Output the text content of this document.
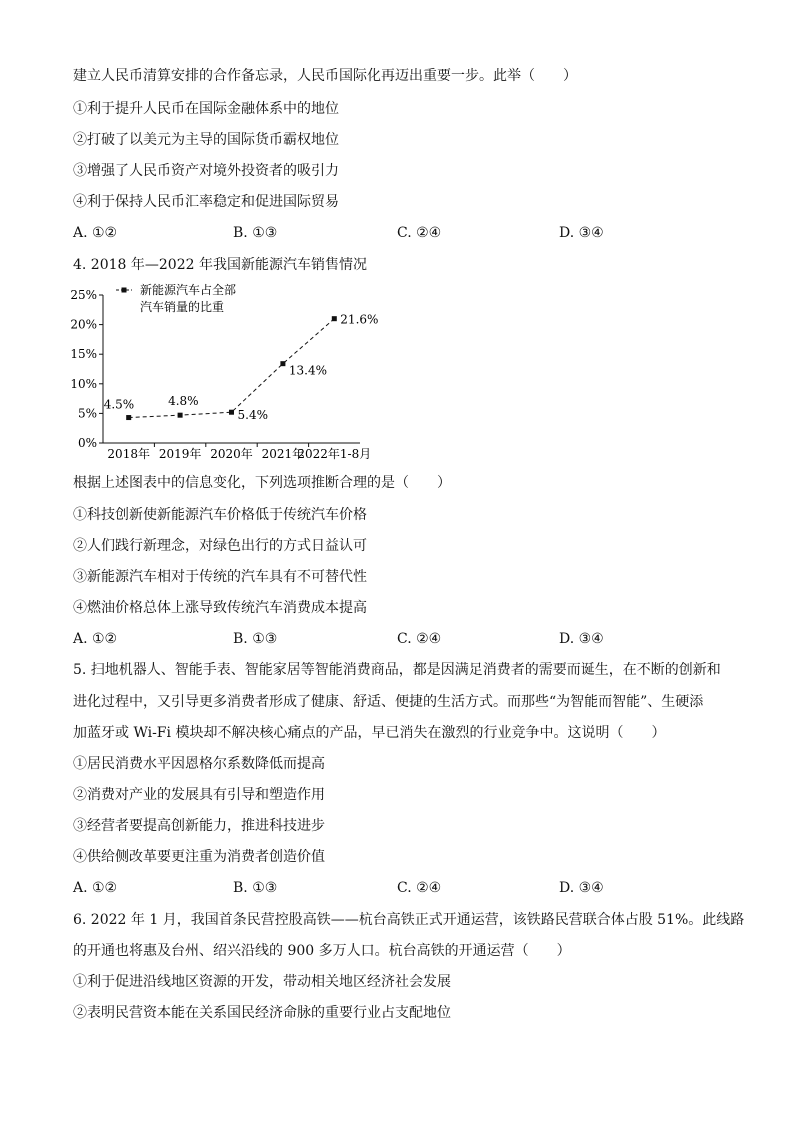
建立人民币清算安排的合作备忘录，人民币国际化再迈出重要一步。此举（　　）
①利于提升人民币在国际金融体系中的地位
②打破了以美元为主导的国际货币霸权地位
③增强了人民币资产对境外投资者的吸引力
④利于保持人民币汇率稳定和促进国际贸易
A. ①②	B. ①③	C. ②④	D. ③④
4. 2018 年—2022 年我国新能源汽车销售情况
0%
5%
10%
15%
20%
25%
2018年 2019年 2020年 2021年
2022年1-8月
4.5%	4.8%
5.4%
13.4%
21.6%
新能源汽车占全部
汽车销量的比重
根据上述图表中的信息变化，下列选项推断合理的是（　　）
①科技创新使新能源汽车价格低于传统汽车价格
②人们践行新理念，对绿色出行的方式日益认可
③新能源汽车相对于传统的汽车具有不可替代性
④燃油价格总体上涨导致传统汽车消费成本提高
A. ①②	B. ①③	C. ②④	D. ③④
5. 扫地机器人、智能手表、智能家居等智能消费商品，都是因满足消费者的需要而诞生，在不断的创新和
进化过程中，又引导更多消费者形成了健康、舒适、便捷的生活方式。而那些“为智能而智能”、生硬添
加蓝牙或 Wi-Fi 模块却不解决核心痛点的产品，早已消失在激烈的行业竞争中。这说明（　　）
①居民消费水平因恩格尔系数降低而提高
②消费对产业的发展具有引导和塑造作用
③经营者要提高创新能力，推进科技进步
④供给侧改革要更注重为消费者创造价值
A. ①②	B. ①③	C. ②④	D. ③④
6. 2022 年 1 月，我国首条民营控股高铁——杭台高铁正式开通运营，该铁路民营联合体占股 51%。此线路
的开通也将惠及台州、绍兴沿线的 900 多万人口。杭台高铁的开通运营（　　）
①利于促进沿线地区资源的开发，带动相关地区经济社会发展
②表明民营资本能在关系国民经济命脉的重要行业占支配地位
